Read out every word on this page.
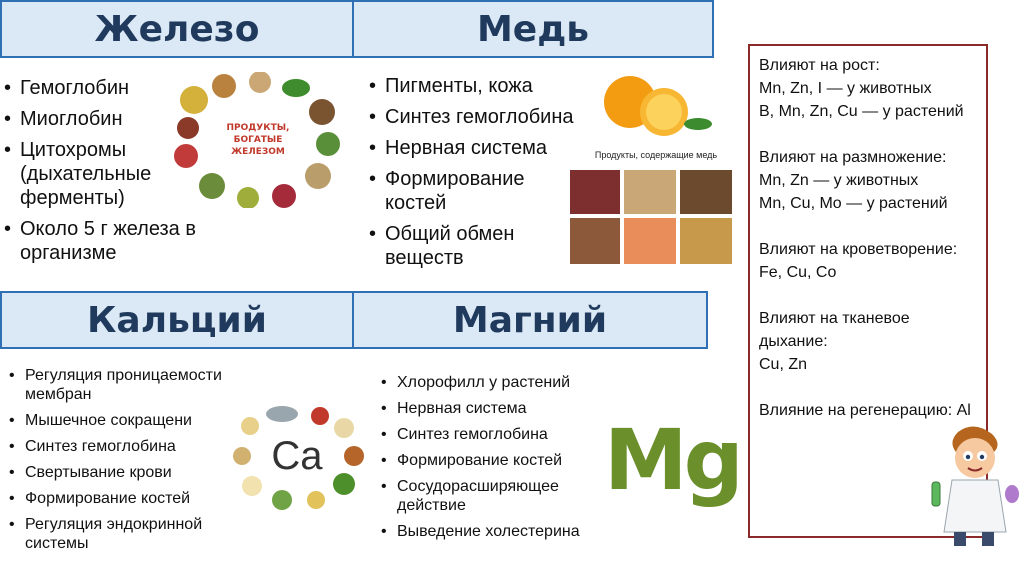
Железо	Медь
Кальций	Магний
• Гемоглобин
• Миоглобин
• Цитохромы (дыхательные ферменты)
• Около 5 г железа в организме
ПРОДУКТЫ,
БОГАТЫЕ
ЖЕЛЕЗОМ
• Пигменты, кожа
• Синтез гемоглобина
• Нервная система
• Формирование костей
• Общий обмен веществ
Продукты, содержащие медь
• Регуляция проницаемости мембран
• Мышечное сокращени
• Синтез гемоглобина
• Свертывание крови
• Формирование костей
• Регуляция эндокринной системы
Ca
• Хлорофилл у растений
• Нервная система
• Синтез гемоглобина
• Формирование костей
• Сосудорасширяющее действие
• Выведение холестерина
Mg

Влияют на рост:
Mn, Zn, I — у животных
B, Mn, Zn, Cu — у растений

Влияют на размножение:
Mn, Zn — у животных
Mn, Cu, Mo — у растений

Влияют на кроветворение:
Fe, Cu, Co

Влияют на тканевое дыхание:
Cu, Zn

Влияние на регенерацию: Al
